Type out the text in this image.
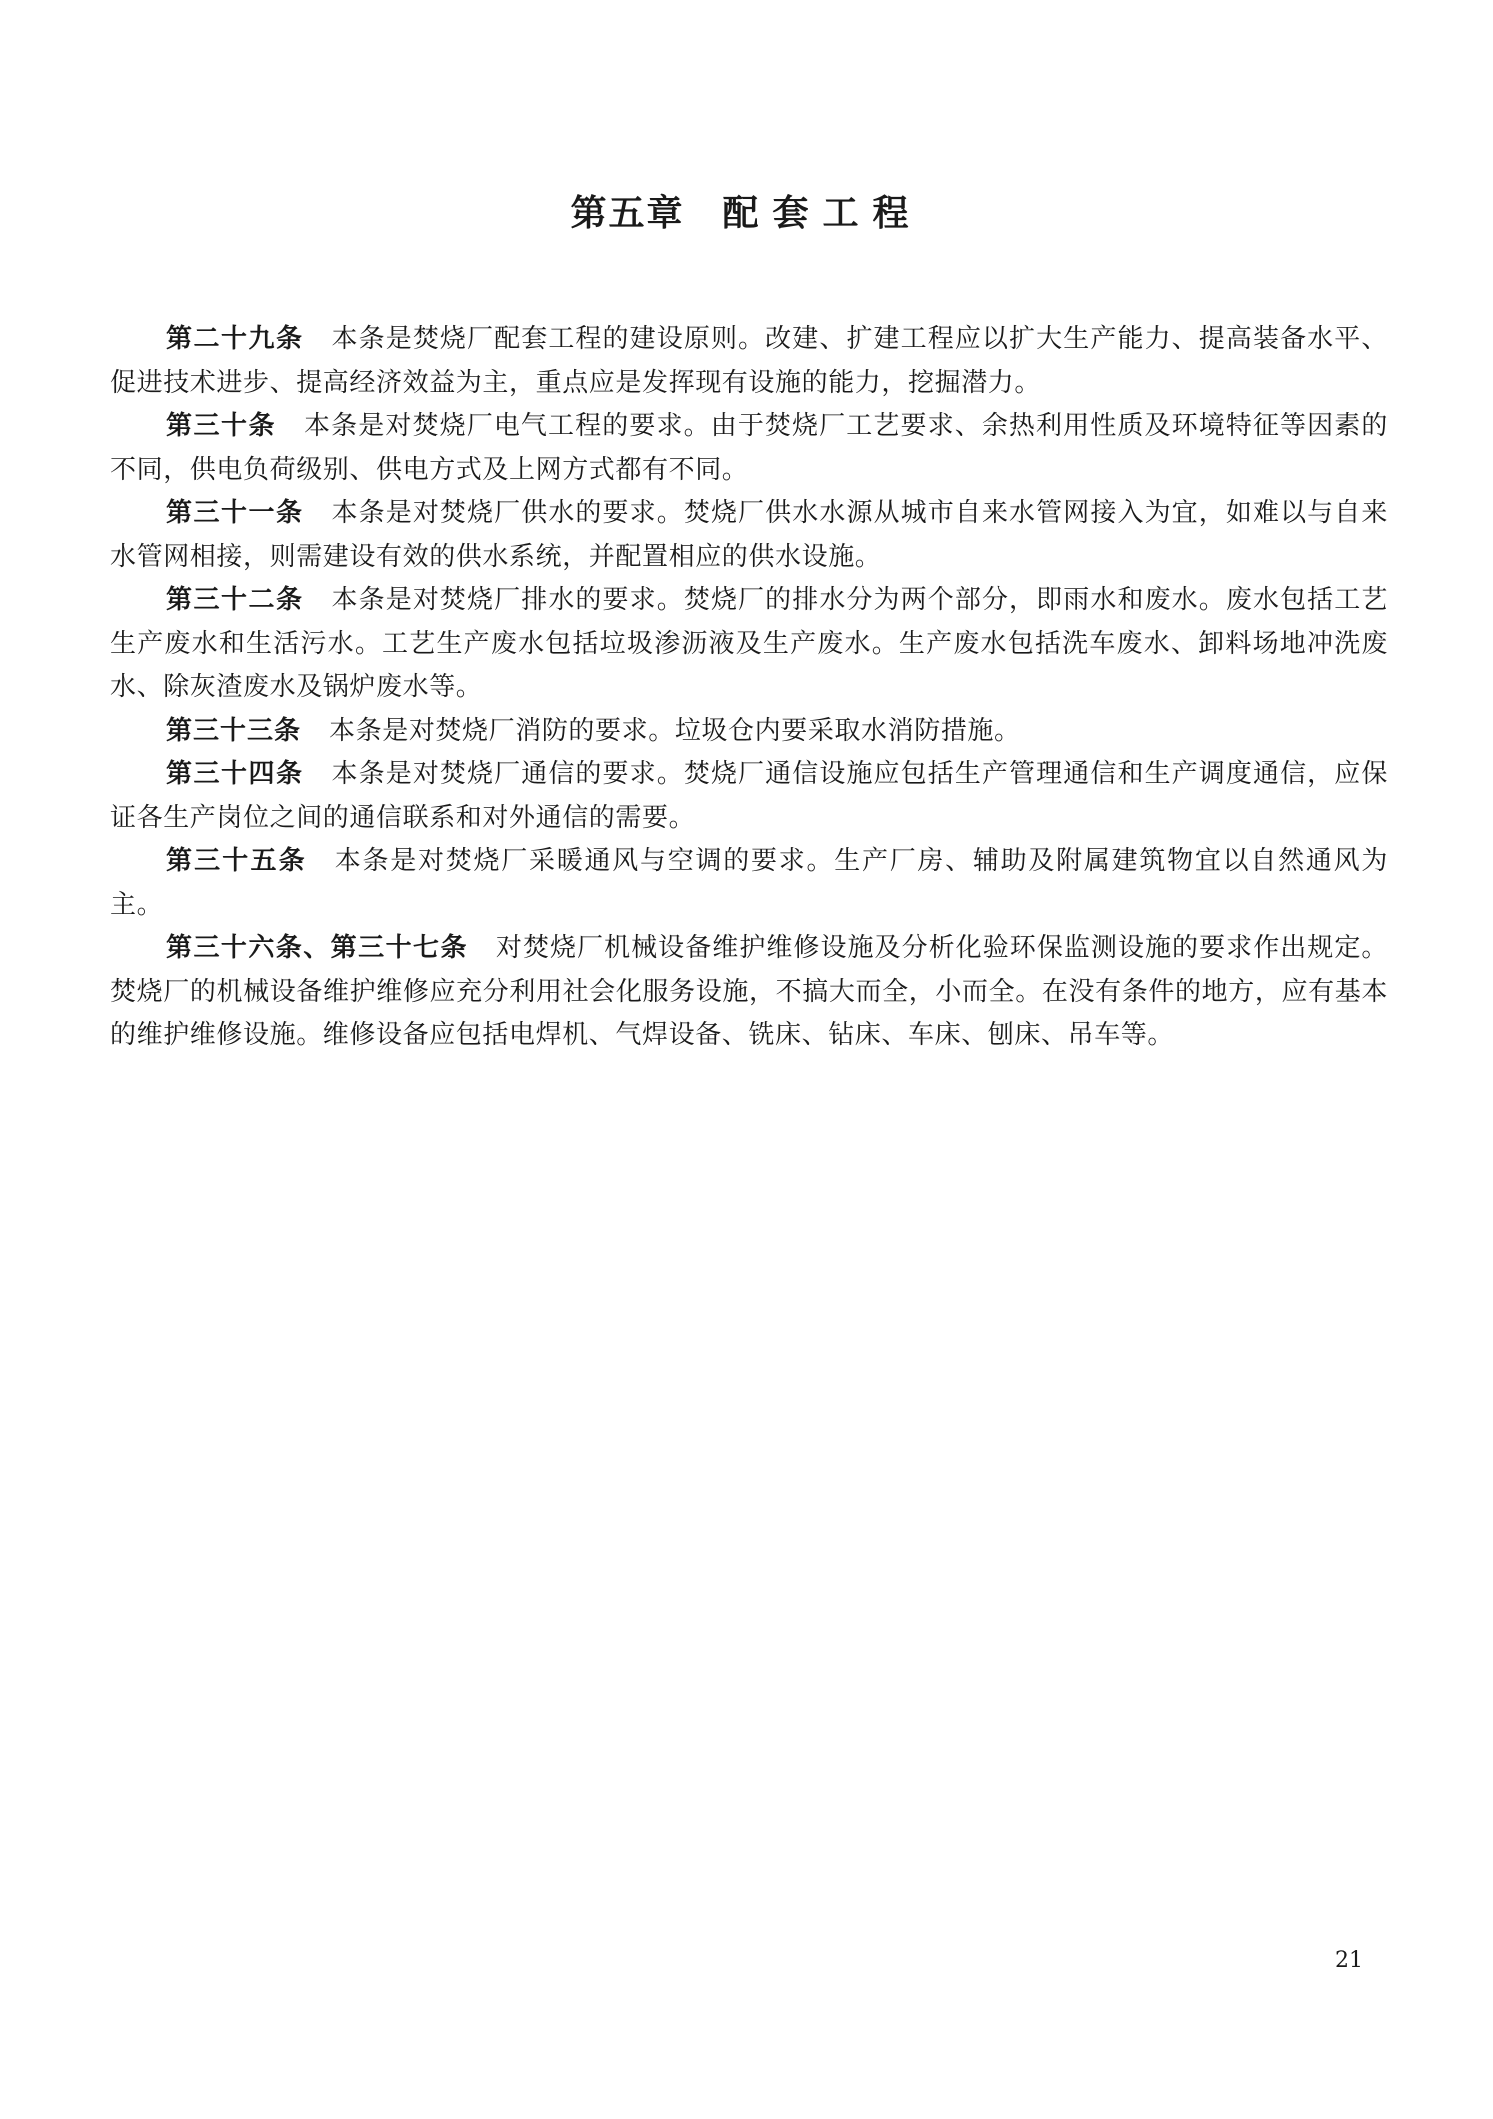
第五章 配套工程

第二十九条 本条是焚烧厂配套工程的建设原则。改建、扩建工程应以扩大生产能力、提高装备水平、促进技术进步、提高经济效益为主，重点应是发挥现有设施的能力，挖掘潜力。

第三十条 本条是对焚烧厂电气工程的要求。由于焚烧厂工艺要求、余热利用性质及环境特征等因素的不同，供电负荷级别、供电方式及上网方式都有不同。

第三十一条 本条是对焚烧厂供水的要求。焚烧厂供水水源从城市自来水管网接入为宜，如难以与自来水管网相接，则需建设有效的供水系统，并配置相应的供水设施。

第三十二条 本条是对焚烧厂排水的要求。焚烧厂的排水分为两个部分，即雨水和废水。废水包括工艺生产废水和生活污水。工艺生产废水包括垃圾渗沥液及生产废水。生产废水包括洗车废水、卸料场地冲洗废水、除灰渣废水及锅炉废水等。

第三十三条 本条是对焚烧厂消防的要求。垃圾仓内要采取水消防措施。

第三十四条 本条是对焚烧厂通信的要求。焚烧厂通信设施应包括生产管理通信和生产调度通信，应保证各生产岗位之间的通信联系和对外通信的需要。

第三十五条 本条是对焚烧厂采暖通风与空调的要求。生产厂房、辅助及附属建筑物宜以自然通风为主。

第三十六条、第三十七条 对焚烧厂机械设备维护维修设施及分析化验环保监测设施的要求作出规定。焚烧厂的机械设备维护维修应充分利用社会化服务设施，不搞大而全，小而全。在没有条件的地方，应有基本的维护维修设施。维修设备应包括电焊机、气焊设备、铣床、钻床、车床、刨床、吊车等。

21
